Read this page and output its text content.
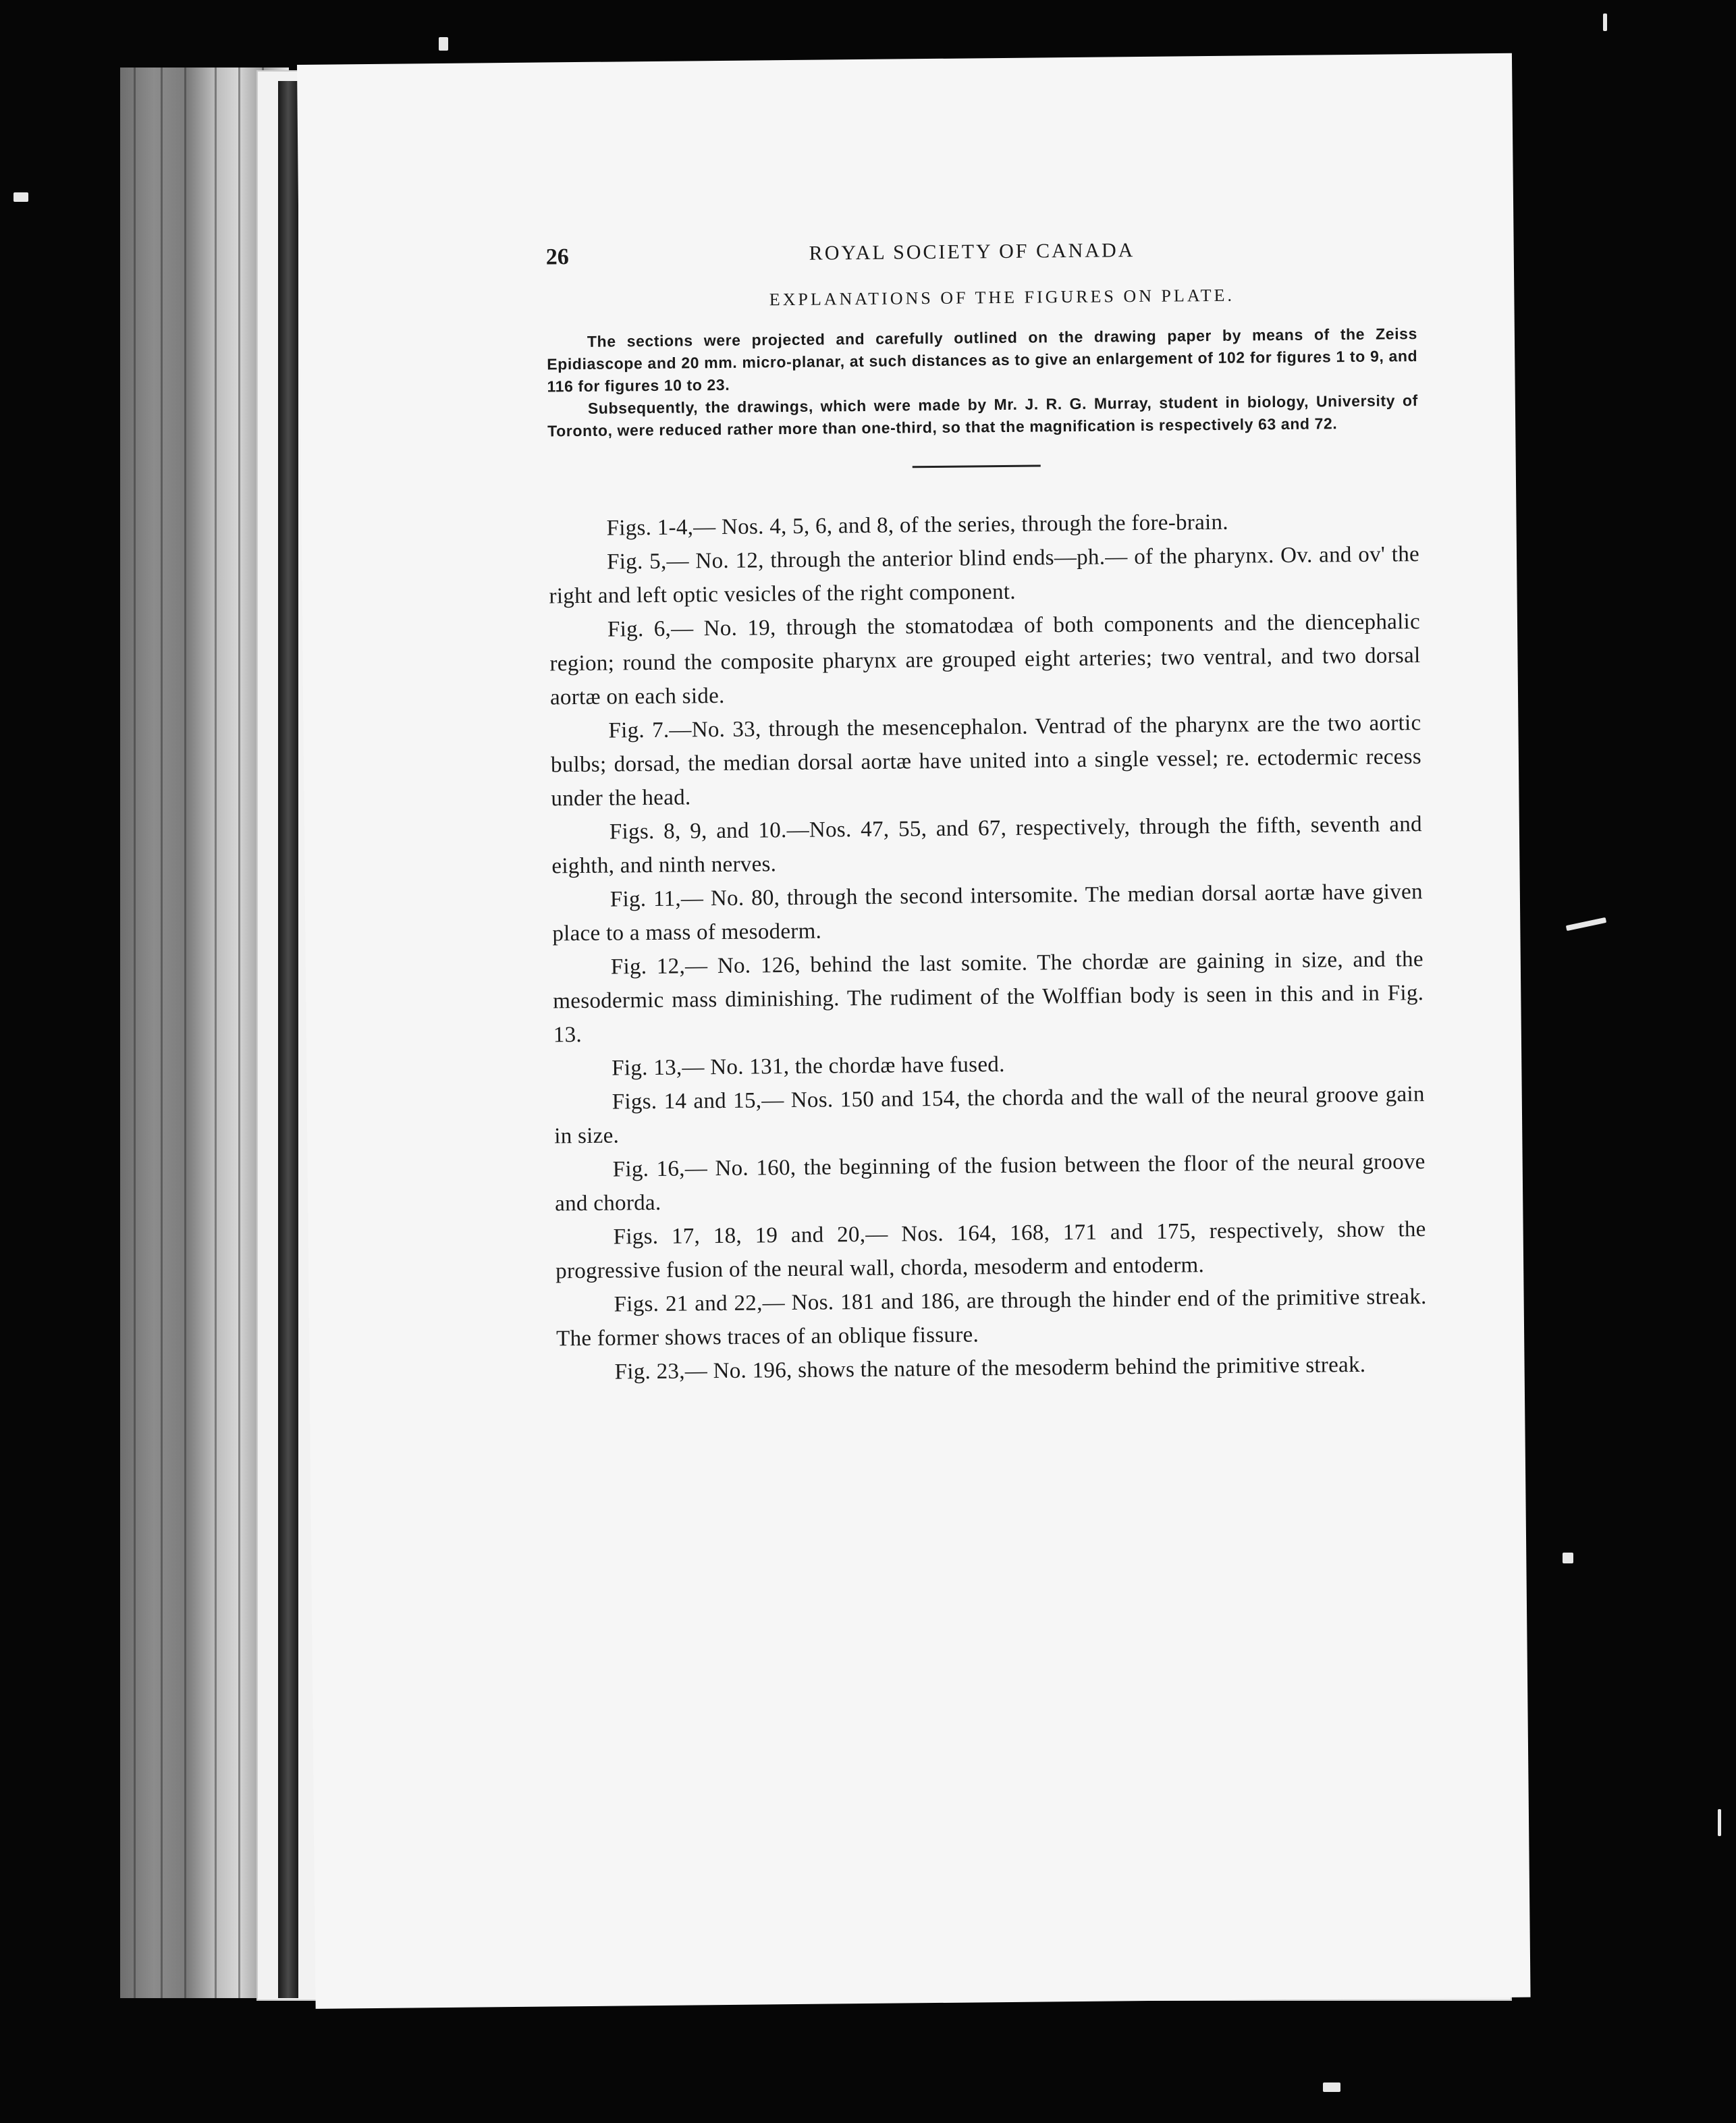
26	ROYAL SOCIETY OF CANADA
EXPLANATIONS OF THE FIGURES ON PLATE.

The sections were projected and carefully outlined on the drawing paper by means of the Zeiss Epidiascope and 20 mm. micro-planar, at such distances as to give an enlargement of 102 for figures 1 to 9, and 116 for figures 10 to 23.

Subsequently, the drawings, which were made by Mr. J. R. G. Murray, student in biology, University of Toronto, were reduced rather more than one-third, so that the magnification is respectively 63 and 72.

Figs. 1-4,— Nos. 4, 5, 6, and 8, of the series, through the fore-brain.

Fig. 5,— No. 12, through the anterior blind ends—ph.— of the pharynx. Ov. and ov' the right and left optic vesicles of the right component.

Fig. 6,— No. 19, through the stomatodæa of both components and the diencephalic region; round the composite pharynx are grouped eight arteries; two ventral, and two dorsal aortæ on each side.

Fig. 7.—No. 33, through the mesencephalon. Ventrad of the pharynx are the two aortic bulbs; dorsad, the median dorsal aortæ have united into a single vessel; re. ectodermic recess under the head.

Figs. 8, 9, and 10.—Nos. 47, 55, and 67, respectively, through the fifth, seventh and eighth, and ninth nerves.

Fig. 11,— No. 80, through the second intersomite. The median dorsal aortæ have given place to a mass of mesoderm.

Fig. 12,— No. 126, behind the last somite. The chordæ are gaining in size, and the mesodermic mass diminishing. The rudiment of the Wolffian body is seen in this and in Fig. 13.

Fig. 13,— No. 131, the chordæ have fused.

Figs. 14 and 15,— Nos. 150 and 154, the chorda and the wall of the neural groove gain in size.

Fig. 16,— No. 160, the beginning of the fusion between the floor of the neural groove and chorda.

Figs. 17, 18, 19 and 20,— Nos. 164, 168, 171 and 175, respectively, show the progressive fusion of the neural wall, chorda, mesoderm and entoderm.

Figs. 21 and 22,— Nos. 181 and 186, are through the hinder end of the primitive streak. The former shows traces of an oblique fissure.

Fig. 23,— No. 196, shows the nature of the mesoderm behind the primitive streak.
